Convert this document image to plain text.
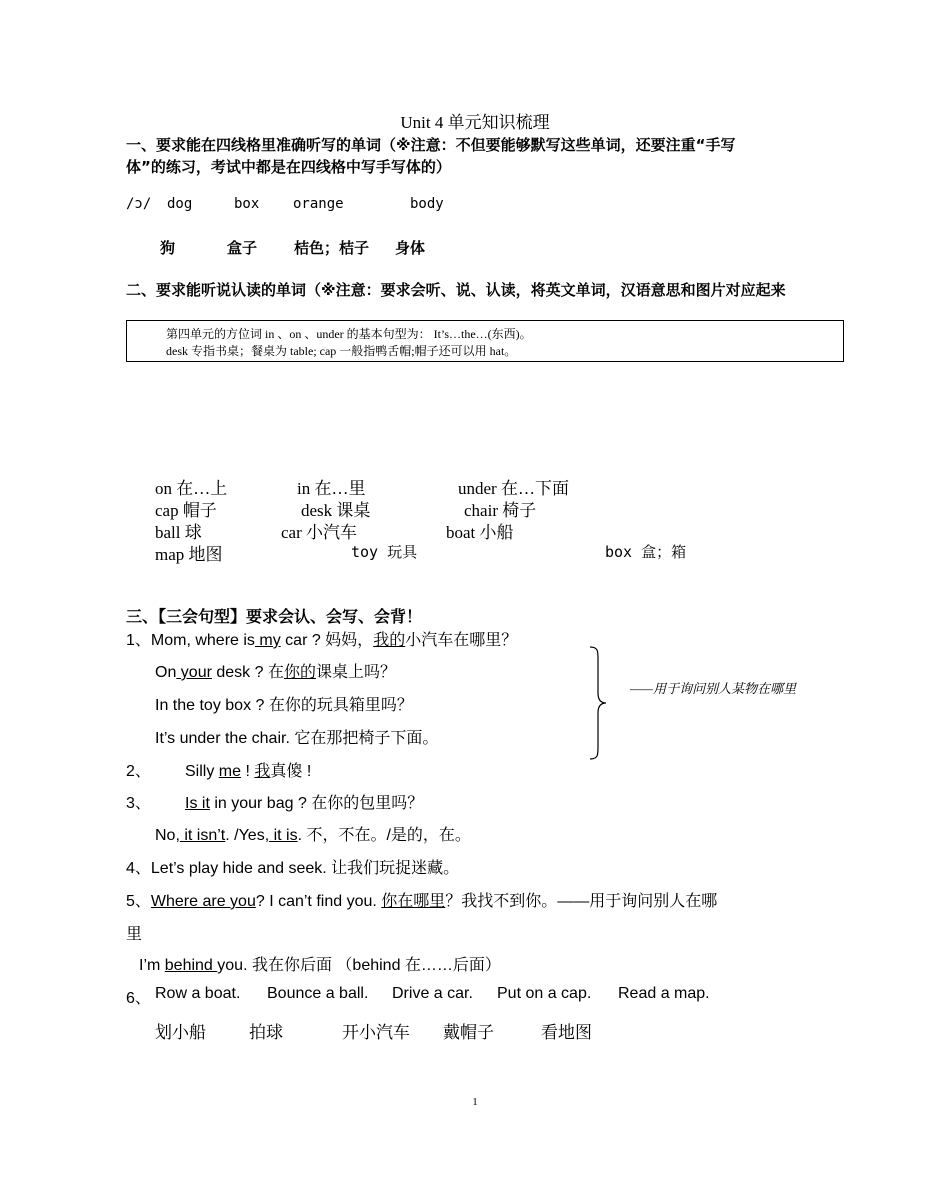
Unit 4 单元知识梳理
一、要求能在四线格里准确听写的单词（※注意：不但要能够默写这些单词，还要注重“手写
体”的练习，考试中都是在四线格中写手写体的）
/ɔ/ dog	box orange	body
狗	盒子 桔色；桔子 身体
二、要求能听说认读的单词（※注意：要求会听、说、认读，将英文单词，汉语意思和图片对应起来
第四单元的方位词 in 、on 、under 的基本句型为： It’s…the…(东西)。
desk 专指书桌；餐桌为 table; cap 一般指鸭舌帽;帽子还可以用 hat。
on 在…上	in 在…里	under 在…下面
cap 帽子	desk 课桌	chair 椅子
ball 球	car 小汽车	boat 小船
map 地图	toy 玩具	box 盒；箱
三、【三会句型】要求会认、会写、会背！
1、Mom, where is my car ? 妈妈，我的小汽车在哪里？
On your desk ? 在你的课桌上吗？
In the toy box ? 在你的玩具箱里吗？
It’s under the chair. 它在那把椅子下面。
——用于询问别人某物在哪里
2、 Silly me ! 我真傻 !
3、 Is it in your bag ? 在你的包里吗？
No, it isn’t. /Yes, it is. 不，不在。/是的，在。
4、Let’s play hide and seek. 让我们玩捉迷藏。
5、Where are you? I can’t find you. 你在哪里？我找不到你。——用于询问别人在哪
里
I’m behind you. 我在你后面 （behind 在……后面）
6、 Row a boat. Bounce a ball. Drive a car. Put on a cap. Read a map.
划小船	拍球	开小汽车 戴帽子	看地图
1
